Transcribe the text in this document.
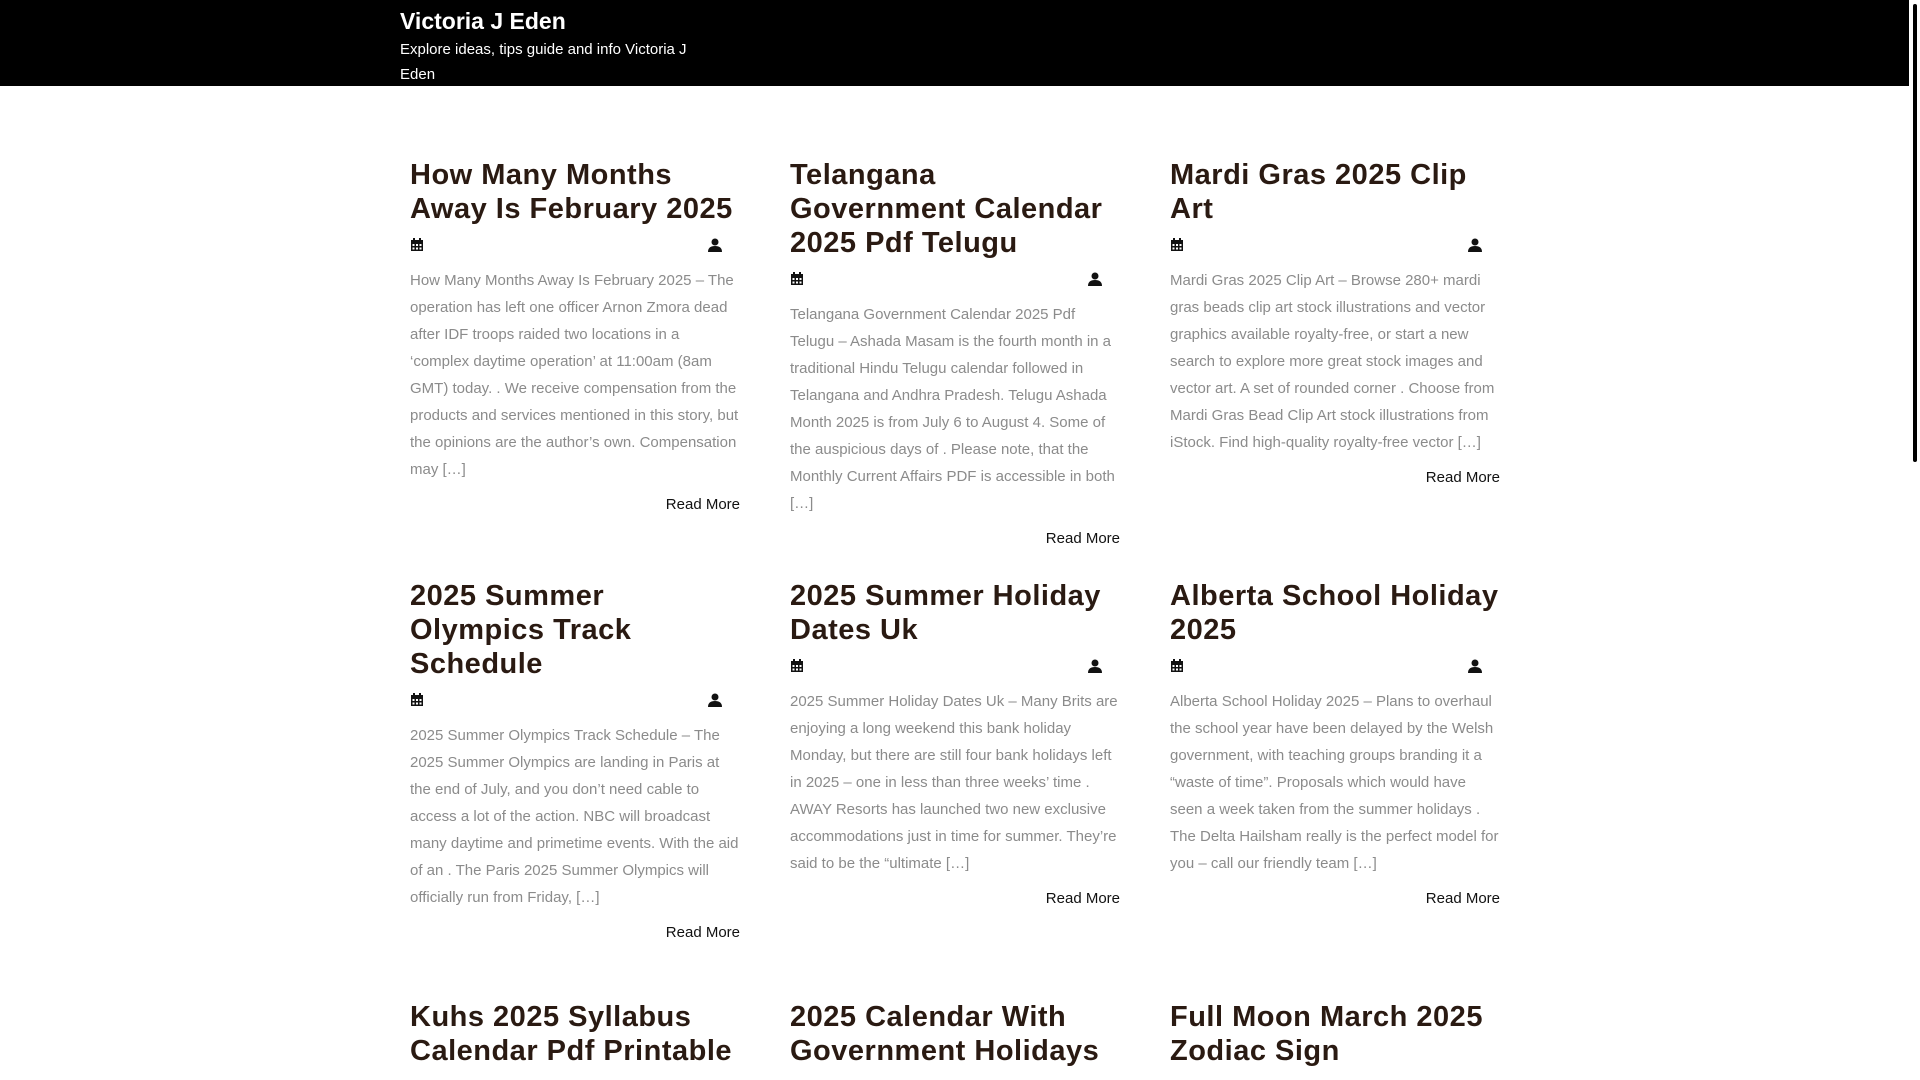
Victoria J Eden
Explore ideas, tips guide and info Victoria J Eden
How Many Months Away Is February 2025

How Many Months Away Is February 2025 – The operation has left one officer Arnon Zmora dead after IDF troops raided two locations in a ‘complex daytime operation’ at 11:00am (8am GMT) today. . We receive compensation from the products and services mentioned in this story, but the opinions are the author’s own. Compensation may […]

Read More
Telangana Government Calendar 2025 Pdf Telugu

Telangana Government Calendar 2025 Pdf Telugu – Ashada Masam is the fourth month in a traditional Hindu Telugu calendar followed in Telangana and Andhra Pradesh. Telugu Ashada Month 2025 is from July 6 to August 4. Some of the auspicious days of . Please note, that the Monthly Current Affairs PDF is accessible in both […]

Read More
Mardi Gras 2025 Clip Art

Mardi Gras 2025 Clip Art – Browse 280+ mardi gras beads clip art stock illustrations and vector graphics available royalty-free, or start a new search to explore more great stock images and vector art. A set of rounded corner . Choose from Mardi Gras Bead Clip Art stock illustrations from iStock. Find high-quality royalty-free vector […]

Read More
2025 Summer Olympics Track Schedule

2025 Summer Olympics Track Schedule – The 2025 Summer Olympics are landing in Paris at the end of July, and you don’t need cable to access a lot of the action. NBC will broadcast many daytime and primetime events. With the aid of an . The Paris 2025 Summer Olympics will officially run from Friday, […]

Read More
2025 Summer Holiday Dates Uk

2025 Summer Holiday Dates Uk – Many Brits are enjoying a long weekend this bank holiday Monday, but there are still four bank holidays left in 2025 – one in less than three weeks’ time . AWAY Resorts has launched two new exclusive accommodations just in time for summer. They’re said to be the “ultimate […]

Read More
Alberta School Holiday 2025

Alberta School Holiday 2025 – Plans to overhaul the school year have been delayed by the Welsh government, with teaching groups branding it a “waste of time”. Proposals which would have seen a week taken from the summer holidays . The Delta Hailsham really is the perfect model for you – call our friendly team […]

Read More
Kuhs 2025 Syllabus Calendar Pdf Printable
2025 Calendar With Government Holidays
Full Moon March 2025 Zodiac Sign
